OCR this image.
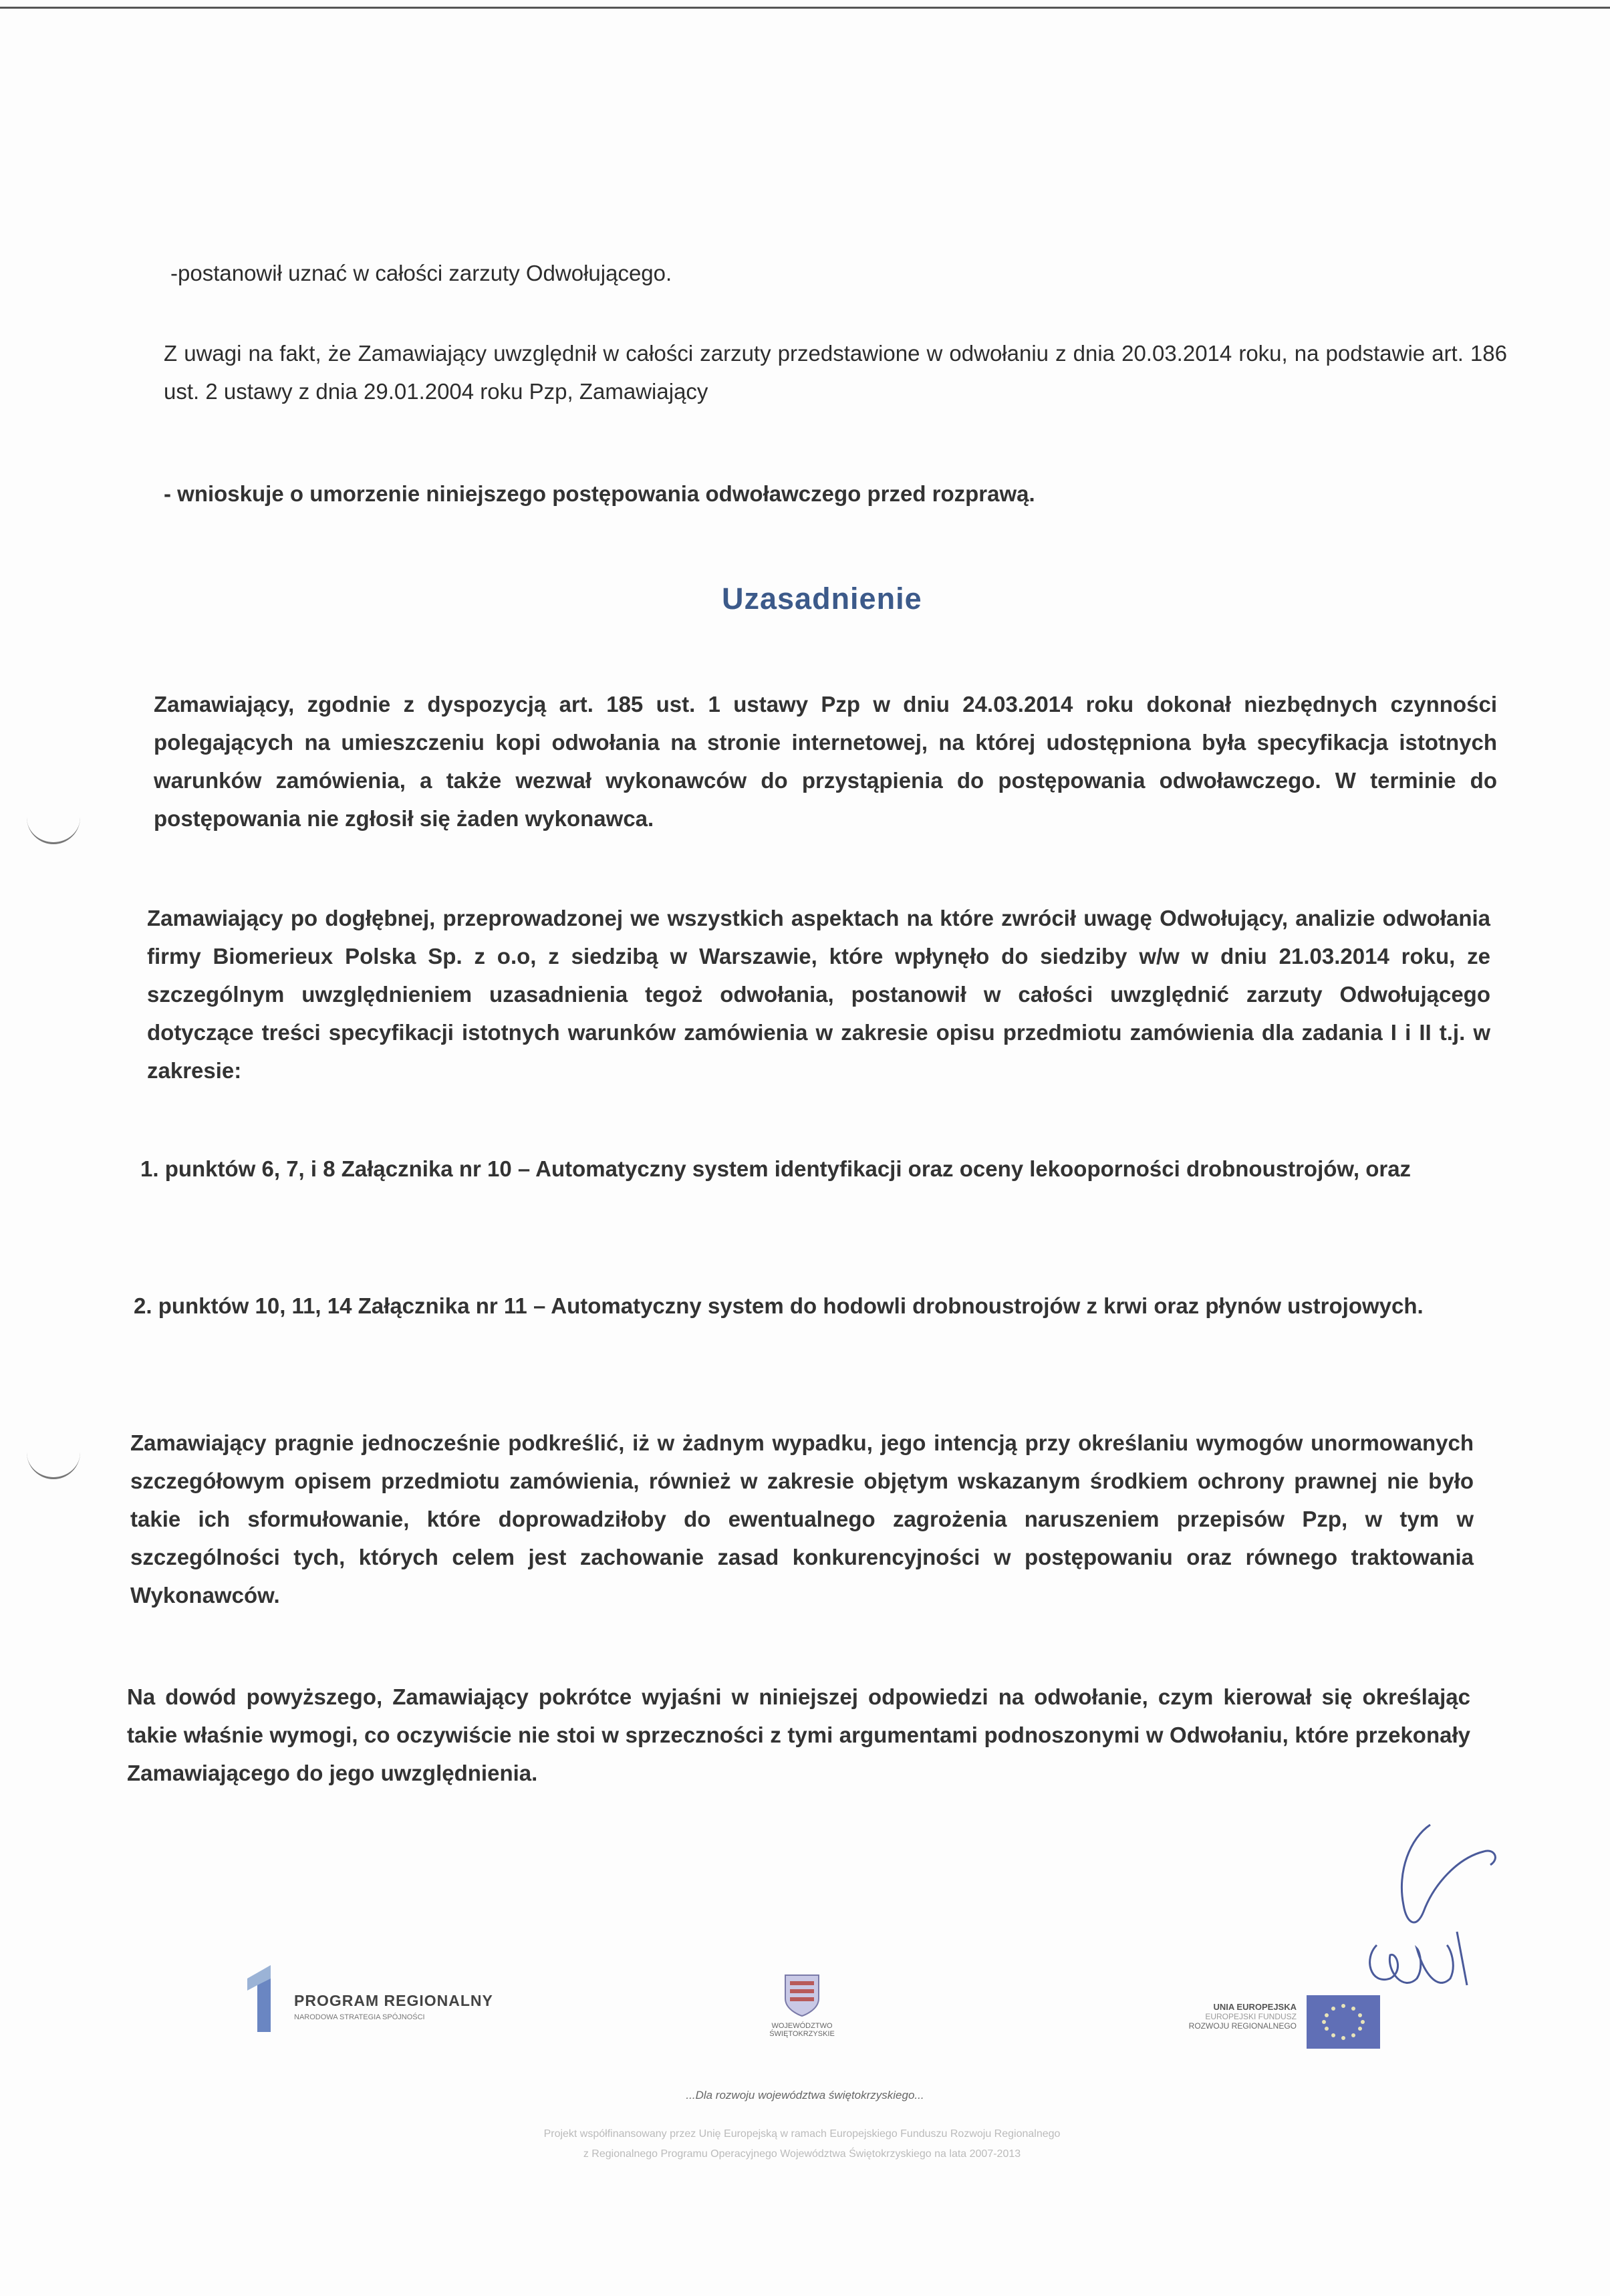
-postanowił uznać w całości zarzuty Odwołującego.
Z uwagi na fakt, że Zamawiający uwzględnił w całości zarzuty przedstawione w odwołaniu z dnia 20.03.2014 roku, na podstawie art. 186 ust. 2 ustawy z dnia 29.01.2004 roku Pzp, Zamawiający
- wnioskuje o umorzenie niniejszego postępowania odwoławczego przed rozprawą.
Uzasadnienie
Zamawiający, zgodnie z dyspozycją art. 185 ust. 1 ustawy Pzp w dniu 24.03.2014 roku dokonał niezbędnych czynności polegających na umieszczeniu kopi odwołania na stronie internetowej, na której udostępniona była specyfikacja istotnych warunków zamówienia, a także wezwał wykonawców do przystąpienia do postępowania odwoławczego. W terminie do postępowania nie zgłosił się żaden wykonawca.
Zamawiający po dogłębnej, przeprowadzonej we wszystkich aspektach na które zwrócił uwagę Odwołujący, analizie odwołania firmy Biomerieux Polska Sp. z o.o, z siedzibą w Warszawie, które wpłynęło do siedziby w/w w dniu 21.03.2014 roku, ze szczególnym uwzględnieniem uzasadnienia tegoż odwołania, postanowił w całości uwzględnić zarzuty Odwołującego dotyczące treści specyfikacji istotnych warunków zamówienia w zakresie opisu przedmiotu zamówienia dla zadania I i II t.j. w zakresie:
1. punktów 6, 7, i 8 Załącznika nr 10 – Automatyczny system identyfikacji oraz oceny lekooporności drobnoustrojów, oraz
2. punktów 10, 11, 14 Załącznika nr 11 – Automatyczny system do hodowli drobnoustrojów z krwi oraz płynów ustrojowych.
Zamawiający pragnie jednocześnie podkreślić, iż w żadnym wypadku, jego intencją przy określaniu wymogów unormowanych szczegółowym opisem przedmiotu zamówienia, również w zakresie objętym wskazanym środkiem ochrony prawnej nie było takie ich sformułowanie, które doprowadziłoby do ewentualnego zagrożenia naruszeniem przepisów Pzp, w tym w szczególności tych, których celem jest zachowanie zasad konkurencyjności w postępowaniu oraz równego traktowania Wykonawców.
Na dowód powyższego, Zamawiający pokrótce wyjaśni w niniejszej odpowiedzi na odwołanie, czym kierował się określając takie właśnie wymogi, co oczywiście nie stoi w sprzeczności z tymi argumentami podnoszonymi w Odwołaniu, które przekonały Zamawiającego do jego uwzględnienia.
PROGRAM REGIONALNY
NARODOWA STRATEGIA SPÓJNOŚCI
WOJEWÓDZTWO
ŚWIĘTOKRZYSKIE
UNIA EUROPEJSKA
EUROPEJSKI FUNDUSZ
ROZWOJU REGIONALNEGO
...Dla rozwoju województwa świętokrzyskiego...
Projekt współfinansowany przez Unię Europejską w ramach Europejskiego Funduszu Rozwoju Regionalnego
z Regionalnego Programu Operacyjnego Województwa Świętokrzyskiego na lata 2007-2013
